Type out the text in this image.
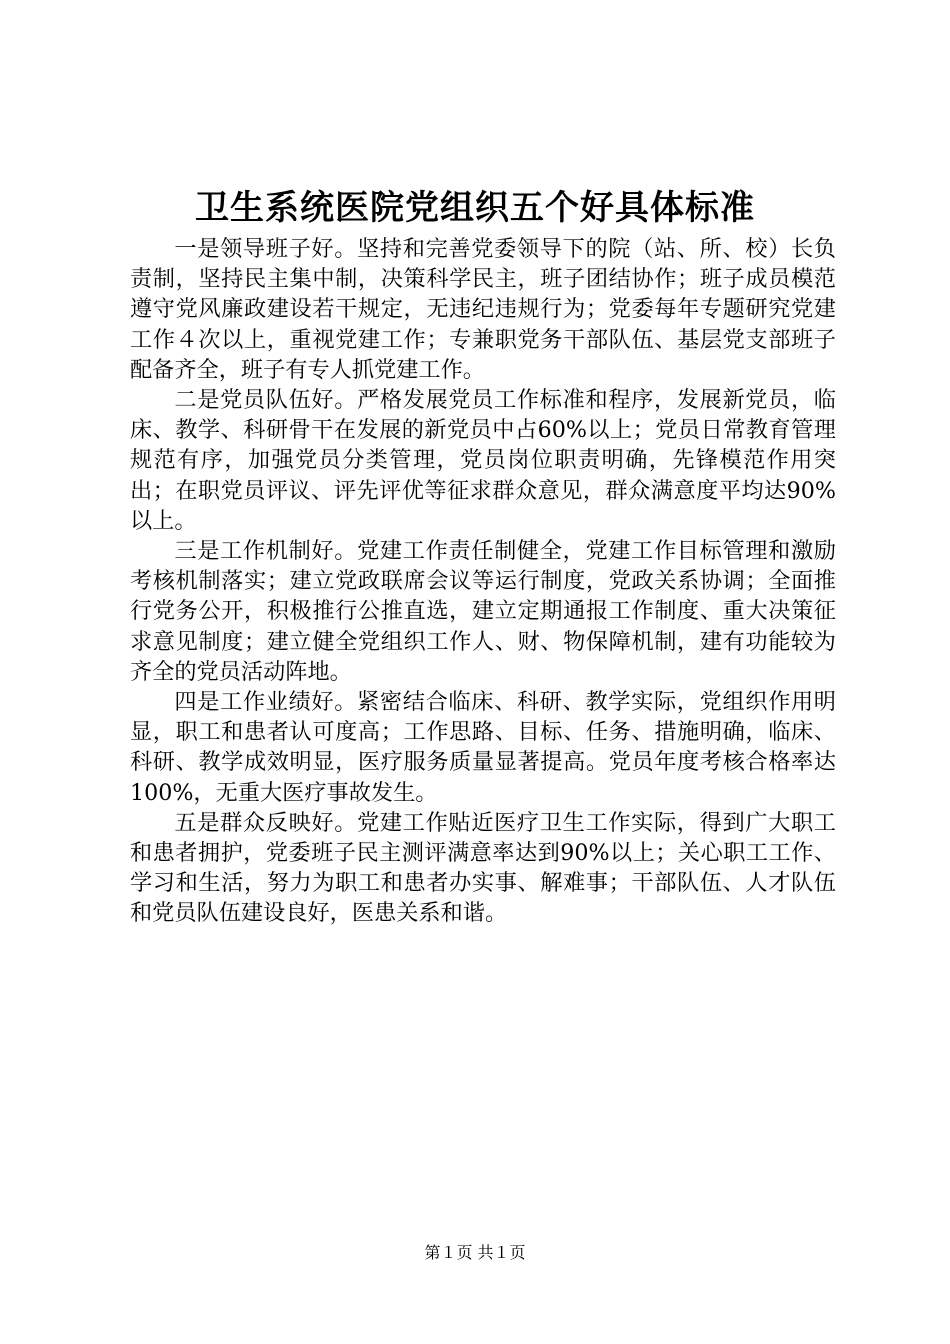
卫生系统医院党组织五个好具体标准

一是领导班子好。坚持和完善党委领导下的院（站、所、校）长负责制，坚持民主集中制，决策科学民主，班子团结协作；班子成员模范遵守党风廉政建设若干规定，无违纪违规行为；党委每年专题研究党建工作４次以上，重视党建工作；专兼职党务干部队伍、基层党支部班子配备齐全，班子有专人抓党建工作。

二是党员队伍好。严格发展党员工作标准和程序，发展新党员，临床、教学、科研骨干在发展的新党员中占60%以上；党员日常教育管理规范有序，加强党员分类管理，党员岗位职责明确，先锋模范作用突出；在职党员评议、评先评优等征求群众意见，群众满意度平均达90%以上。

三是工作机制好。党建工作责任制健全，党建工作目标管理和激励考核机制落实；建立党政联席会议等运行制度，党政关系协调；全面推行党务公开，积极推行公推直选，建立定期通报工作制度、重大决策征求意见制度；建立健全党组织工作人、财、物保障机制，建有功能较为齐全的党员活动阵地。

四是工作业绩好。紧密结合临床、科研、教学实际，党组织作用明显，职工和患者认可度高；工作思路、目标、任务、措施明确，临床、科研、教学成效明显，医疗服务质量显著提高。党员年度考核合格率达100%，无重大医疗事故发生。

五是群众反映好。党建工作贴近医疗卫生工作实际，得到广大职工和患者拥护，党委班子民主测评满意率达到90%以上；关心职工工作、学习和生活，努力为职工和患者办实事、解难事；干部队伍、人才队伍和党员队伍建设良好，医患关系和谐。

第１页 共１页
